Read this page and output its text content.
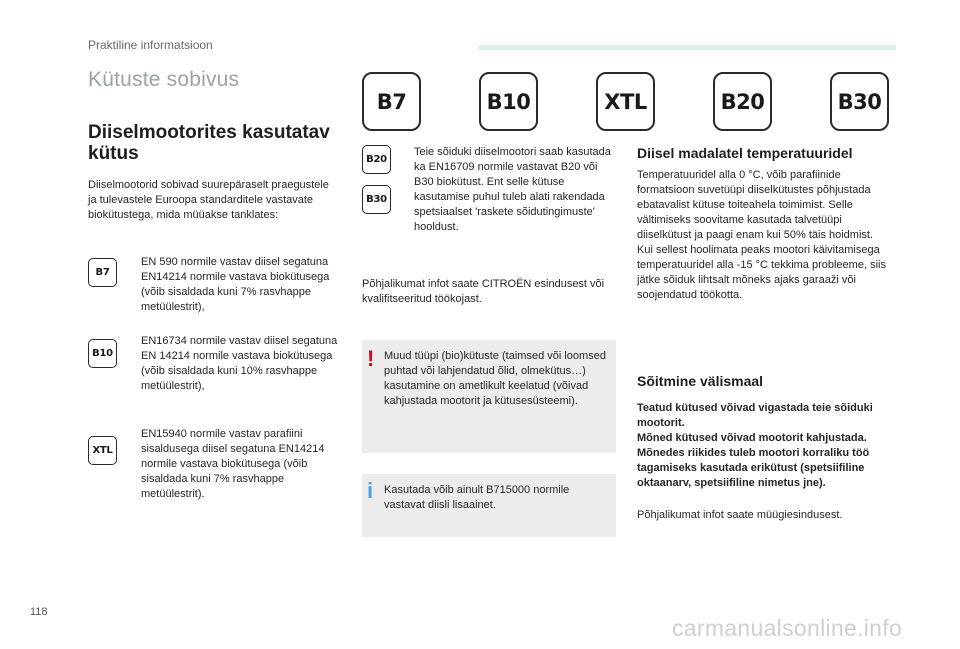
Praktiline informatsioon
Kütuste sobivus
B7	B10	XTL	B20	B30
Diiselmootorites kasutatav kütus
Diiselmootorid sobivad suurepäraselt praegustele ja tulevastele Euroopa standarditele vastavate biokütustega, mida müüakse tanklates:
B7
EN 590 normile vastav diisel segatuna EN14214 normile vastava biokütusega (võib sisaldada kuni 7% rasvhappe metüülestrit),
B10
EN16734 normile vastav diisel segatuna EN 14214 normile vastava biokütusega (võib sisaldada kuni 10% rasvhappe metüülestrit),
XTL
EN15940 normile vastav parafiini sisaldusega diisel segatuna EN14214 normile vastava biokütusega (võib sisaldada kuni 7% rasvhappe metüülestrit).
B20
B30
Teie sõiduki diiselmootori saab kasutada ka EN16709 normile vastavat B20 või B30 biokütust. Ent selle kütuse kasutamise puhul tuleb alati rakendada spetsiaalset 'raskete sõidutingimuste' hooldust.
Põhjalikumat infot saate CITROËN esindusest või kvalifitseeritud töökojast.
! Muud tüüpi (bio)kütuste (taimsed või loomsed puhtad või lahjendatud õlid, olmekütus…) kasutamine on ametlikult keelatud (võivad kahjustada mootorit ja kütusesüsteemi).
i Kasutada võib ainult B715000 normile vastavat diisli lisaainet.
Diisel madalatel temperatuuridel
Temperatuuridel alla 0 °C, võib parafiinide formatsioon suvetüüpi diiselkütustes põhjustada ebatavalist kütuse toiteahela toimimist. Selle vältimiseks soovitame kasutada talvetüüpi diiselkütust ja paagi enam kui 50% täis hoidmist.
Kui sellest hoolimata peaks mootori käivitamisega temperatuuridel alla -15 °C tekkima probleeme, siis jätke sõiduk lihtsalt mõneks ajaks garaaži või soojendatud töökotta.
Sõitmine välismaal
Teatud kütused võivad vigastada teie sõiduki mootorit.
Mõned kütused võivad mootorit kahjustada. Mõnedes riikides tuleb mootori korraliku töö tagamiseks kasutada erikütust (spetsiifiline oktaanarv, spetsiifiline nimetus jne).
Põhjalikumat infot saate müügiesindusest.
118
carmanualsonline.info
